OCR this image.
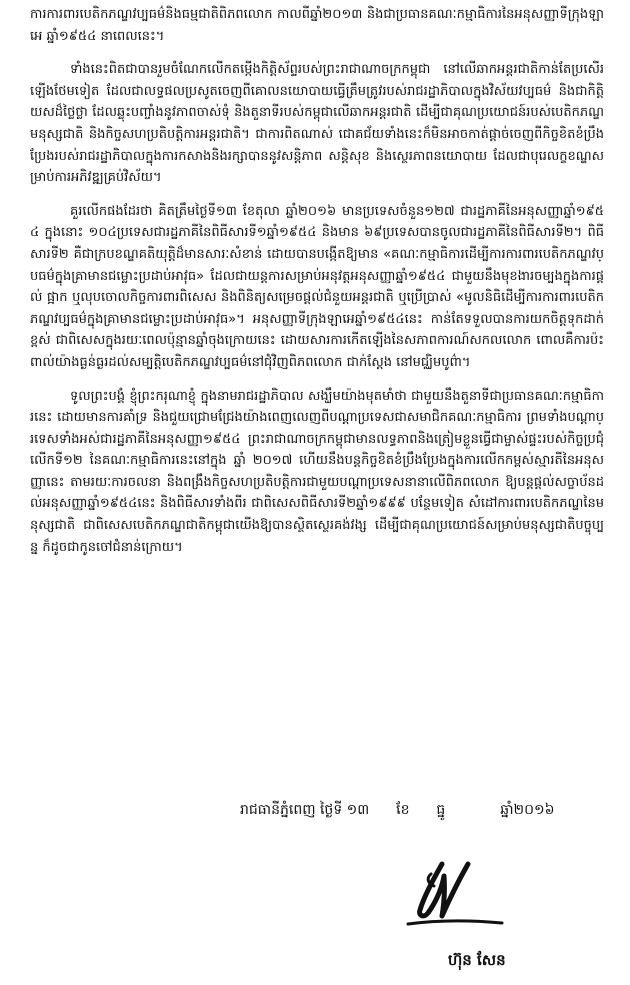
ការការពារបេតិកភណ្ឌវប្បធម៌និងធម្មជាតិពិភពលោក កាលពីឆ្នាំ២០១៣ និងជាប្រធានគណៈកម្មាធិការនៃអនុសញ្ញាទីក្រុងឡាអេ ឆ្នាំ១៩៥៤ នាពេលនេះ។

ទាំងនេះពិតជាបានរួមចំណែកលើកតម្កើងកិត្តិស័ព្ទរបស់ព្រះរាជាណាចក្រកម្ពុជា នៅលើឆាកអន្តរជាតិកាន់តែប្រសើរឡើងថែមទៀត ដែលជាលទ្ធផលប្រសូតចេញពីគោលនយោបាយធ្វើត្រឹមត្រូវរបស់រាជរដ្ឋាភិបាលក្នុងវិស័យវប្បធម៌ និងជាកិត្តិយសដ៏ថ្លៃថ្លា ដែលឆ្លុះបញ្ចាំងនូវភាពចាស់ទុំ និងតួនាទីរបស់កម្ពុជាលើឆាកអន្តរជាតិ ដើម្បីជាគុណប្រយោជន៍របស់បេតិកភណ្ឌមនុស្សជាតិ និងកិច្ចសហប្រតិបត្តិការអន្តរជាតិ។ ជាការពិតណាស់ ជោគជ័យទាំងនេះក៏មិនអាចកាត់ផ្តាច់ចេញពីកិច្ចខិតខំប្រឹងប្រែងរបស់រាជរដ្ឋាភិបាលក្នុងការកសាងនិងរក្សាបាននូវសន្តិភាព សន្តិសុខ និងស្ថេរភាពនយោបាយ ដែលជាបុរេលក្ខខណ្ឌសម្រាប់ការអភិវឌ្ឍគ្រប់វិស័យ។

គួរលើកផងដែរថា គិតត្រឹមថ្ងៃទី១៣ ខែតុលា ឆ្នាំ២០១៦ មានប្រទេសចំនួន១២៧ ជារដ្ឋភាគីនៃអនុសញ្ញាឆ្នាំ១៩៥៤ ក្នុងនោះ ១០៤ប្រទេសជារដ្ឋភាគីនៃពិធីសារទី១ឆ្នាំ១៩៥៤ និងមាន ៦៩ប្រទេសបានចូលជារដ្ឋភាគីនៃពិធីសារទី២។ ពិធីសារទី២ គឺជាក្របខណ្ឌគតិយុត្តិដ៏មានសារៈសំខាន់ ដោយបានបង្កើតឱ្យមាន «គណៈកម្មាធិការដើម្បីការការពារបេតិកភណ្ឌវប្បធម៌ក្នុងគ្រាមានជម្លោះប្រដាប់អាវុធ» ដែលជាយន្តការសម្រាប់អនុវត្តអនុសញ្ញាឆ្នាំ១៩៥៤ ជាមួយនឹងមុខងារចម្បងក្នុងការផ្តល់ ផ្អាក ឬលុបចោលកិច្ចការពារពិសេស និងពិនិត្យសម្រេចផ្តល់ជំនួយអន្តរជាតិ ឬប្រើប្រាស់ «មូលនិធិដើម្បីការការពារបេតិកភណ្ឌវប្បធម៌ក្នុងគ្រាមានជម្លោះប្រដាប់អាវុធ»។ អនុសញ្ញាទីក្រុងឡាអេឆ្នាំ១៩៥៤នេះ កាន់តែទទួលបានការយកចិត្តទុកដាក់ខ្ពស់ ជាពិសេសក្នុងរយៈពេលប៉ុន្មានឆ្នាំចុងក្រោយនេះ ដោយសារការកើតឡើងនៃសភាពការណ៍សកលលោក ពោលគឺការប៉ះពាល់យ៉ាងធ្ងន់ធ្ងរដល់សម្បត្តិបេតិកភណ្ឌវប្បធម៌នៅជុំវិញពិភពលោក ជាក់ស្តែង នៅមជ្ឈិមបូព៌ា។

ទូលព្រះបង្គំ ខ្ញុំព្រះករុណាខ្ញុំ ក្នុងនាមរាជរដ្ឋាភិបាល សង្ឃឹមយ៉ាងមុតមាំថា ជាមួយនឹងតួនាទីជាប្រធានគណៈកម្មាធិការនេះ ដោយមានការគាំទ្រ និងជួយជ្រោមជ្រែងយ៉ាងពេញលេញពីបណ្តាប្រទេសជាសមាជិកគណៈកម្មាធិការ ព្រមទាំងបណ្តាប្រទេសទាំងអស់ជារដ្ឋភាគីនៃអនុសញ្ញា១៩៥៤ ព្រះរាជាណាចក្រកម្ពុជាមានលទ្ធភាពនិងត្រៀមខ្លួនធ្វើជាម្ចាស់ផ្ទះរបស់កិច្ចប្រជុំលើកទី១២ នៃគណៈកម្មាធិការនេះនៅក្នុង ឆ្នាំ ២០១៧ ហើយនឹងបន្តកិច្ចខិតខំប្រឹងប្រែងក្នុងការលើកកម្ពស់ស្មារតីនៃអនុសញ្ញានេះ តាមរយៈការចលនា និងពង្រឹងកិច្ចសហប្រតិបត្តិការជាមួយបណ្តាប្រទេសនានាលើពិភពលោក ឱ្យបន្តផ្តល់សច្ចាប័នដល់អនុសញ្ញាឆ្នាំ១៩៥៤នេះ និងពិធីសារទាំងពីរ ជាពិសេសពិធីសារទី២ឆ្នាំ១៩៩៩ បន្ថែមទៀត សំដៅការពារបេតិកភណ្ឌនៃមនុស្សជាតិ ជាពិសេសបេតិកភណ្ឌជាតិកម្ពុជាយើងឱ្យបានស្ថិតស្ថេរគង់វង្ស ដើម្បីជាគុណប្រយោជន៍សម្រាប់មនុស្សជាតិបច្ចុប្បន្ន ក៏ដូចជាកូនចៅជំនាន់ក្រោយ។

រាជធានីភ្នំពេញ ថ្ងៃទី ១៣ ខែ ធ្នូ	ឆ្នាំ២០១៦
ហ៊ុន សែន
